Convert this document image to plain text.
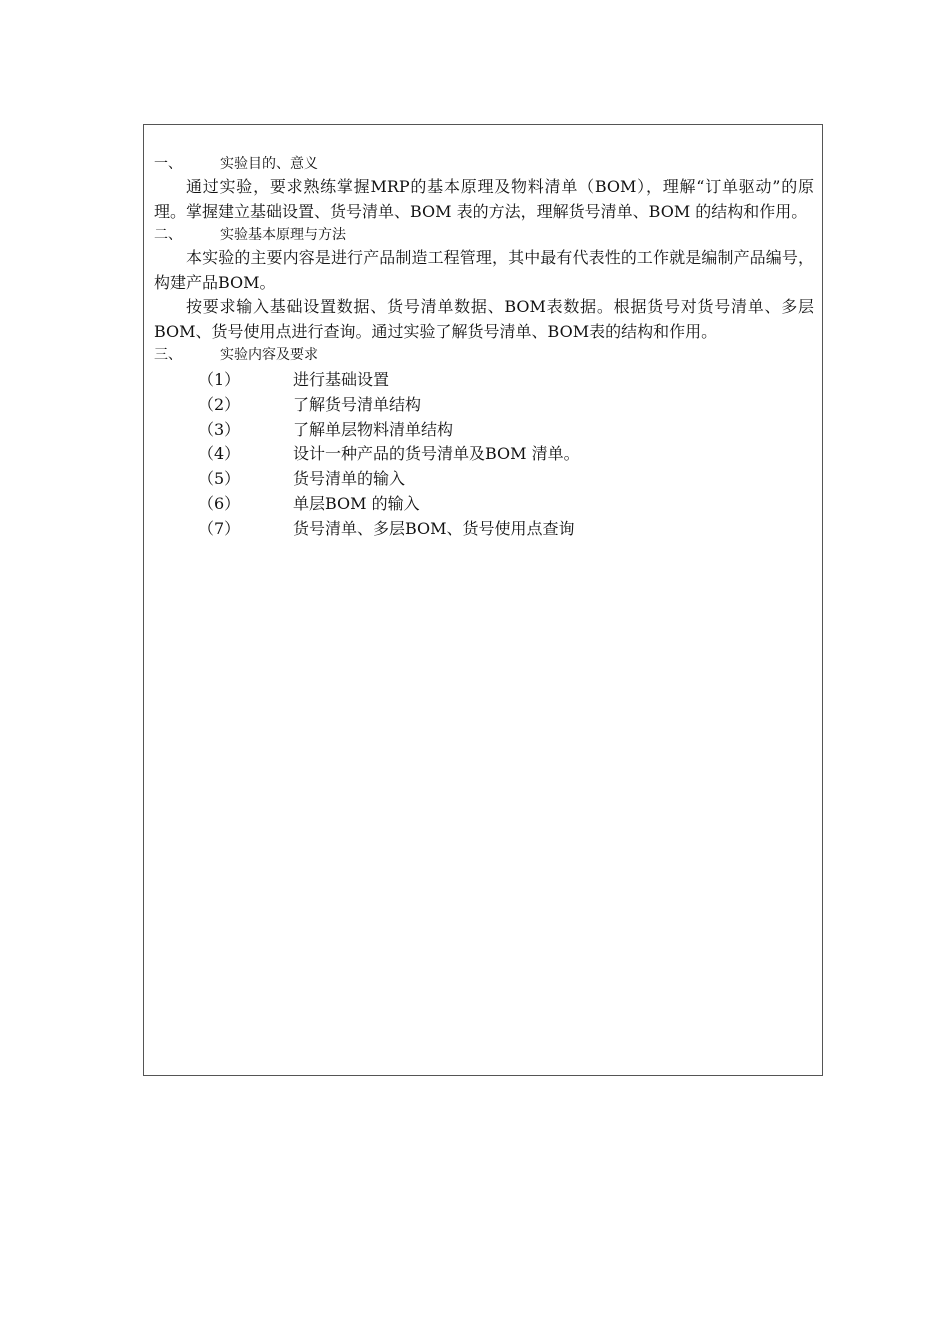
一、	实验目的、意义

通过实验，要求熟练掌握MRP的基本原理及物料清单（BOM），理解“订单驱动”的原理。掌握建立基础设置、货号清单、BOM 表的方法，理解货号清单、BOM 的结构和作用。

二、	实验基本原理与方法

本实验的主要内容是进行产品制造工程管理，其中最有代表性的工作就是编制产品编号，构建产品BOM。

按要求输入基础设置数据、货号清单数据、BOM表数据。根据货号对货号清单、多层BOM、货号使用点进行查询。通过实验了解货号清单、BOM表的结构和作用。

三、	实验内容及要求
（1）	进行基础设置
（2）	了解货号清单结构
（3）	了解单层物料清单结构
（4）	设计一种产品的货号清单及BOM 清单。
（5）	货号清单的输入
（6）	单层BOM 的输入
（7）	货号清单、多层BOM、货号使用点查询
